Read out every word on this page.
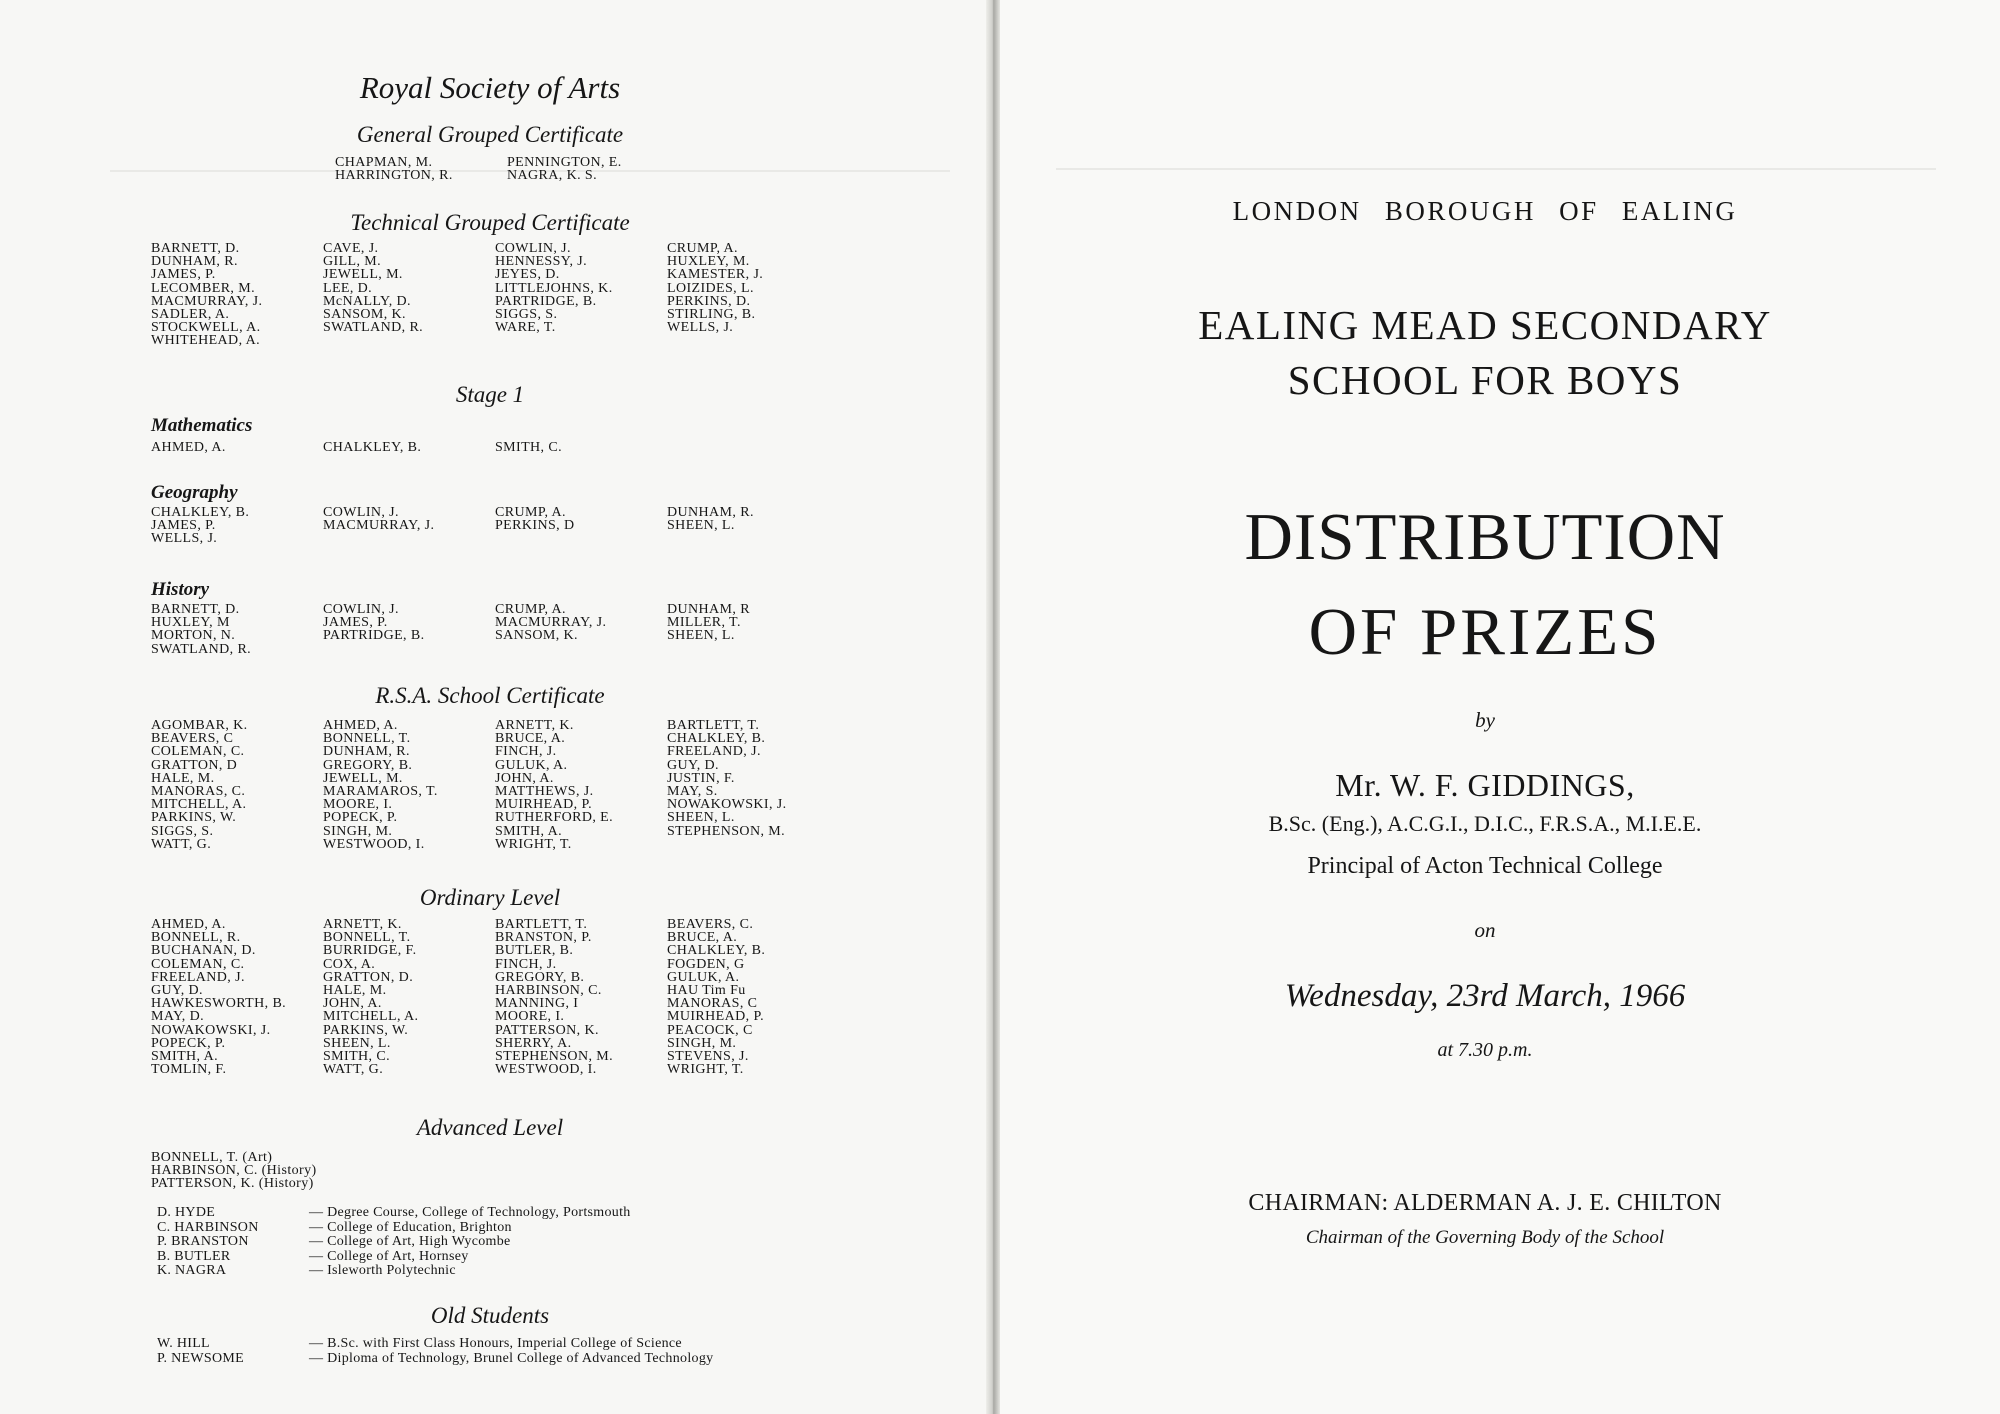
Royal Society of Arts
General Grouped Certificate
CHAPMAN, M.	PENNINGTON, E.
HARRINGTON, R.	NAGRA, K. S.
Technical Grouped Certificate
BARNETT, D.	CAVE, J.	COWLIN, J.	CRUMP, A.
DUNHAM, R.	GILL, M.	HENNESSY, J.	HUXLEY, M.
JAMES, P.	JEWELL, M.	JEYES, D.	KAMESTER, J.
LECOMBER, M.	LEE, D.	LITTLEJOHNS, K.	LOIZIDES, L.
MACMURRAY, J.	McNALLY, D.	PARTRIDGE, B.	PERKINS, D.
SADLER, A.	SANSOM, K.	SIGGS, S.	STIRLING, B.
STOCKWELL, A.	SWATLAND, R.	WARE, T.	WELLS, J.
WHITEHEAD, A.
Stage 1
Mathematics
AHMED, A.	CHALKLEY, B.	SMITH, C.
Geography
CHALKLEY, B.	COWLIN, J.	CRUMP, A.	DUNHAM, R.
JAMES, P.	MACMURRAY, J.	PERKINS, D	SHEEN, L.
WELLS, J.
History
BARNETT, D.	COWLIN, J.	CRUMP, A.	DUNHAM, R
HUXLEY, M	JAMES, P.	MACMURRAY, J.	MILLER, T.
MORTON, N.	PARTRIDGE, B.	SANSOM, K.	SHEEN, L.
SWATLAND, R.
R.S.A. School Certificate
AGOMBAR, K.	AHMED, A.	ARNETT, K.	BARTLETT, T.
BEAVERS, C	BONNELL, T.	BRUCE, A.	CHALKLEY, B.
COLEMAN, C.	DUNHAM, R.	FINCH, J.	FREELAND, J.
GRATTON, D	GREGORY, B.	GULUK, A.	GUY, D.
HALE, M.	JEWELL, M.	JOHN, A.	JUSTIN, F.
MANORAS, C.	MARAMAROS, T.	MATTHEWS, J.	MAY, S.
MITCHELL, A.	MOORE, I.	MUIRHEAD, P.	NOWAKOWSKI, J.
PARKINS, W.	POPECK, P.	RUTHERFORD, E.	SHEEN, L.
SIGGS, S.	SINGH, M.	SMITH, A.	STEPHENSON, M.
WATT, G.	WESTWOOD, I.	WRIGHT, T.
Ordinary Level
AHMED, A.	ARNETT, K.	BARTLETT, T.	BEAVERS, C.
BONNELL, R.	BONNELL, T.	BRANSTON, P.	BRUCE, A.
BUCHANAN, D.	BURRIDGE, F.	BUTLER, B.	CHALKLEY, B.
COLEMAN, C.	COX, A.	FINCH, J.	FOGDEN, G
FREELAND, J.	GRATTON, D.	GREGORY, B.	GULUK, A.
GUY, D.	HALE, M.	HARBINSON, C.	HAU Tim Fu
HAWKESWORTH, B.	JOHN, A.	MANNING, I	MANORAS, C
MAY, D.	MITCHELL, A.	MOORE, I.	MUIRHEAD, P.
NOWAKOWSKI, J.	PARKINS, W.	PATTERSON, K.	PEACOCK, C
POPECK, P.	SHEEN, L.	SHERRY, A.	SINGH, M.
SMITH, A.	SMITH, C.	STEPHENSON, M.	STEVENS, J.
TOMLIN, F.	WATT, G.	WESTWOOD, I.	WRIGHT, T.
Advanced Level
BONNELL, T. (Art)
HARBINSON, C. (History)
PATTERSON, K. (History)
D. HYDE	— Degree Course, College of Technology, Portsmouth
C. HARBINSON	— College of Education, Brighton
P. BRANSTON	— College of Art, High Wycombe
B. BUTLER	— College of Art, Hornsey
K. NAGRA	— Isleworth Polytechnic
Old Students
W. HILL	— B.Sc. with First Class Honours, Imperial College of Science
P. NEWSOME	— Diploma of Technology, Brunel College of Advanced Technology
LONDON BOROUGH OF EALING
EALING MEAD SECONDARY
SCHOOL FOR BOYS
DISTRIBUTION
OF PRIZES
by
Mr. W. F. GIDDINGS,
B.Sc. (Eng.), A.C.G.I., D.I.C., F.R.S.A., M.I.E.E.
Principal of Acton Technical College
on
Wednesday, 23rd March, 1966
at 7.30 p.m.
CHAIRMAN: ALDERMAN A. J. E. CHILTON
Chairman of the Governing Body of the School
